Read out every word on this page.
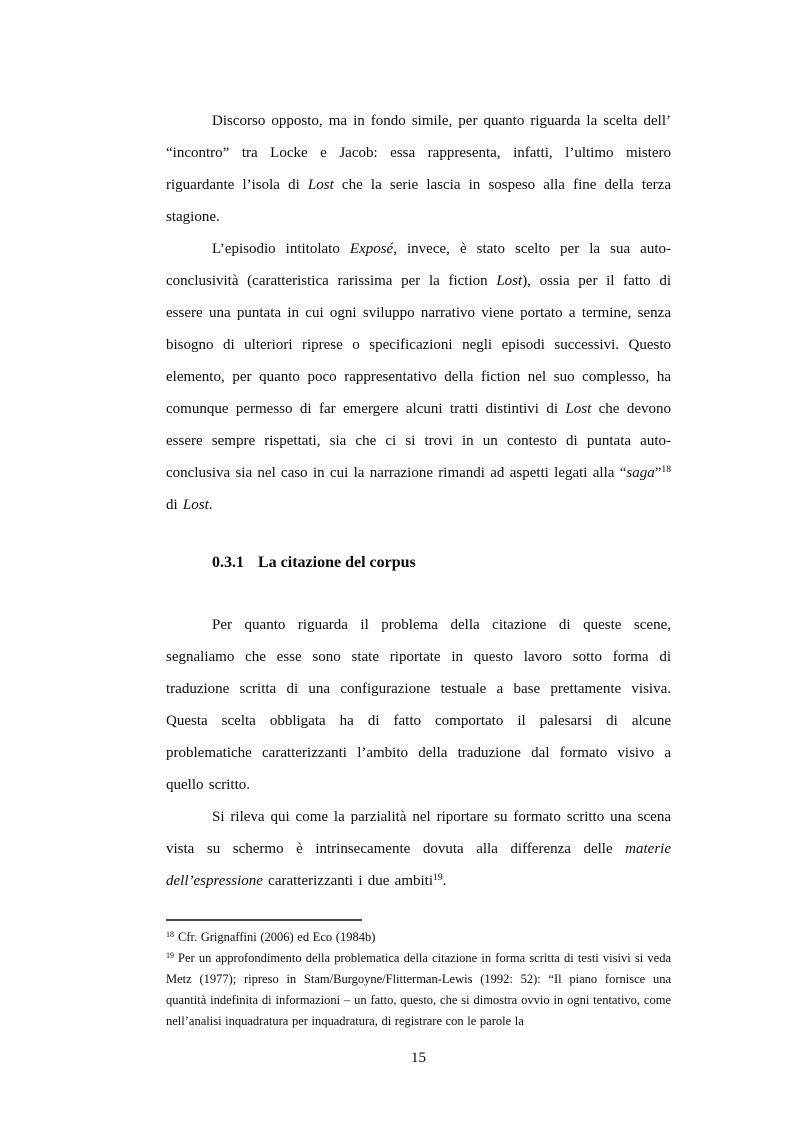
Discorso opposto, ma in fondo simile, per quanto riguarda la scelta dell’ “incontro” tra Locke e Jacob: essa rappresenta, infatti, l’ultimo mistero riguardante l’isola di Lost che la serie lascia in sospeso alla fine della terza stagione.

L’episodio intitolato Exposé, invece, è stato scelto per la sua auto-conclusività (caratteristica rarissima per la fiction Lost), ossia per il fatto di essere una puntata in cui ogni sviluppo narrativo viene portato a termine, senza bisogno di ulteriori riprese o specificazioni negli episodi successivi. Questo elemento, per quanto poco rappresentativo della fiction nel suo complesso, ha comunque permesso di far emergere alcuni tratti distintivi di Lost che devono essere sempre rispettati, sia che ci si trovi in un contesto di puntata auto-conclusiva sia nel caso in cui la narrazione rimandi ad aspetti legati alla “saga”$^{18}$ di Lost.

0.3.1 La citazione del corpus

Per quanto riguarda il problema della citazione di queste scene, segnaliamo che esse sono state riportate in questo lavoro sotto forma di traduzione scritta di una configurazione testuale a base prettamente visiva. Questa scelta obbligata ha di fatto comportato il palesarsi di alcune problematiche caratterizzanti l’ambito della traduzione dal formato visivo a quello scritto.

Si rileva qui come la parzialità nel riportare su formato scritto una scena vista su schermo è intrinsecamente dovuta alla differenza delle materie dell’espressione caratterizzanti i due ambiti$^{19}$.

$^{18}$ Cfr. Grignaffini (2006) ed Eco (1984b)

$^{19}$ Per un approfondimento della problematica della citazione in forma scritta di testi visivi si veda Metz (1977); ripreso in Stam/Burgoyne/Flitterman-Lewis (1992: 52): “Il piano fornisce una quantità indefinita di informazioni – un fatto, questo, che si dimostra ovvio in ogni tentativo, come nell’analisi inquadratura per inquadratura, di registrare con le parole la

15
